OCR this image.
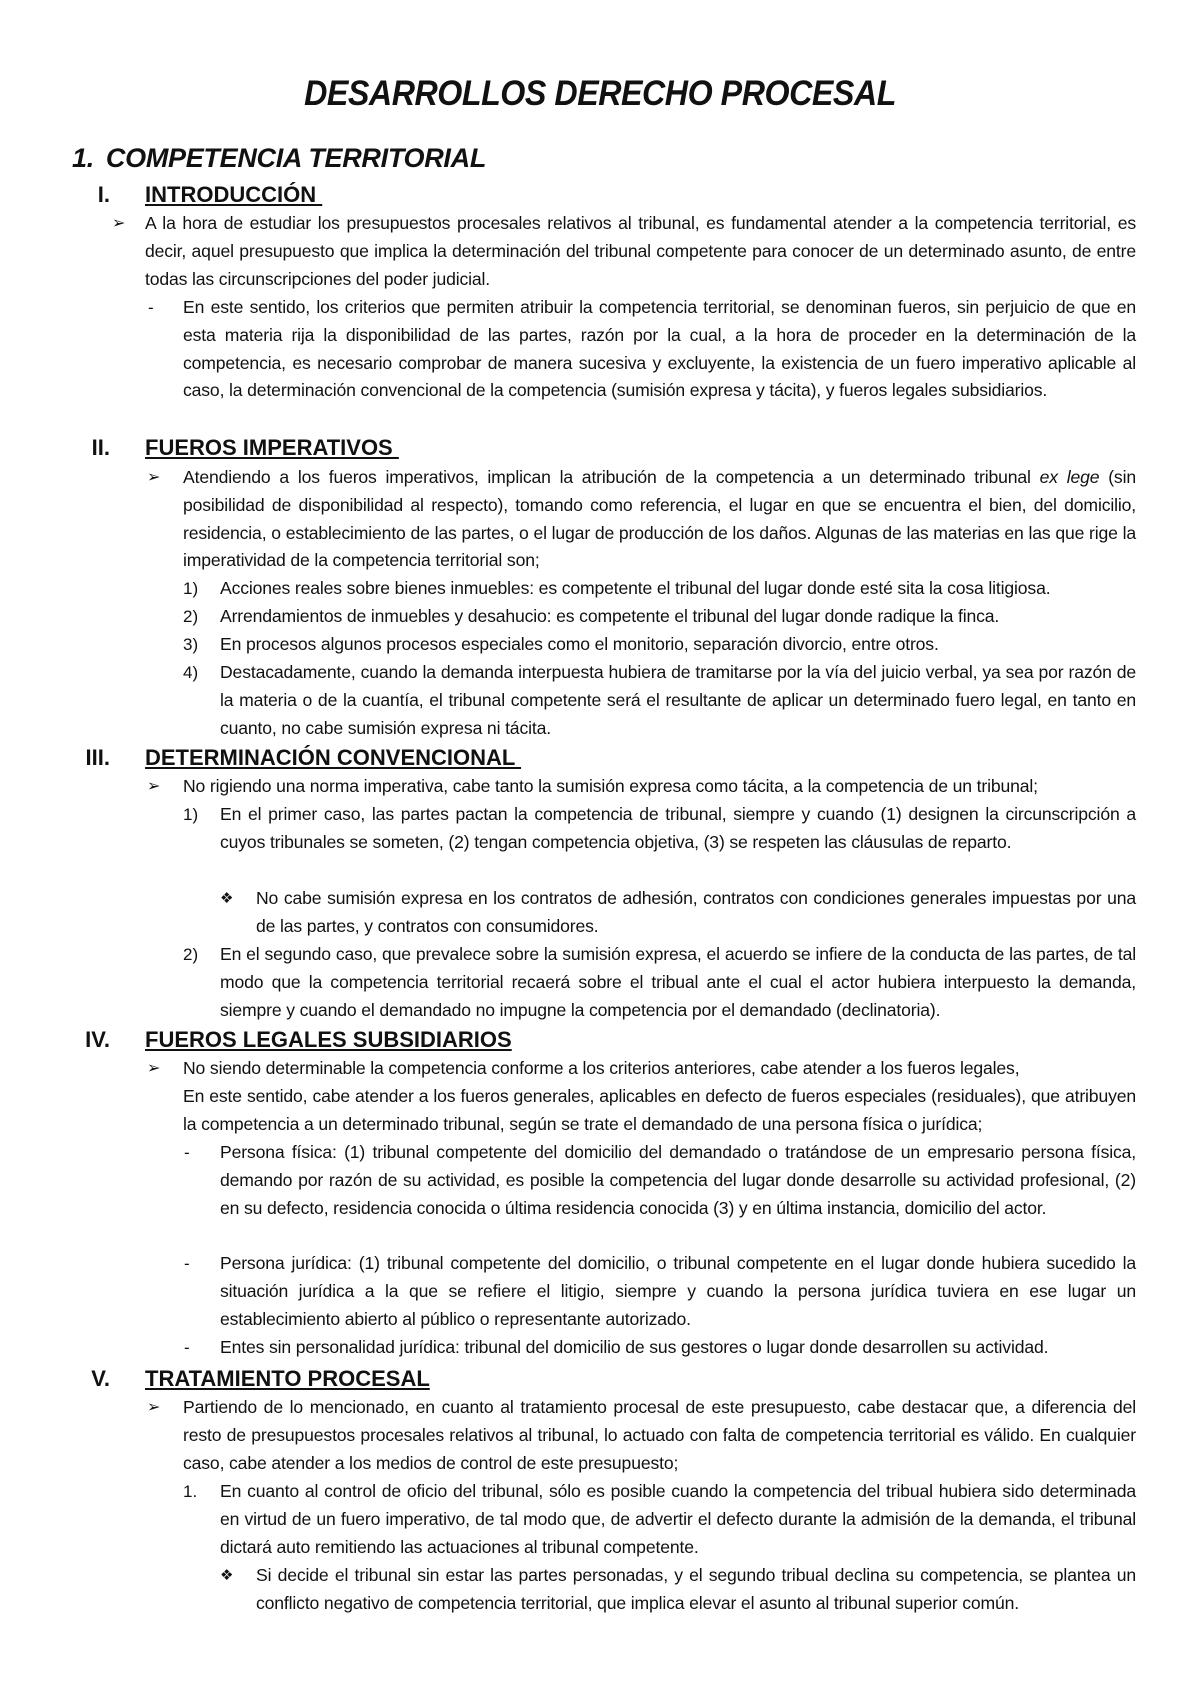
DESARROLLOS DERECHO PROCESAL
1. COMPETENCIA TERRITORIAL
I. INTRODUCCIÓN
➢ A la hora de estudiar los presupuestos procesales relativos al tribunal, es fundamental atender a la competencia territorial, es decir, aquel presupuesto que implica la determinación del tribunal competente para conocer de un determinado asunto, de entre todas las circunscripciones del poder judicial.
- En este sentido, los criterios que permiten atribuir la competencia territorial, se denominan fueros, sin perjuicio de que en esta materia rija la disponibilidad de las partes, razón por la cual, a la hora de proceder en la determinación de la competencia, es necesario comprobar de manera sucesiva y excluyente, la existencia de un fuero imperativo aplicable al caso, la determinación convencional de la competencia (sumisión expresa y tácita), y fueros legales subsidiarios.
II. FUEROS IMPERATIVOS
➢ Atendiendo a los fueros imperativos, implican la atribución de la competencia a un determinado tribunal ex lege (sin posibilidad de disponibilidad al respecto), tomando como referencia, el lugar en que se encuentra el bien, del domicilio, residencia, o establecimiento de las partes, o el lugar de producción de los daños. Algunas de las materias en las que rige la imperatividad de la competencia territorial son;
1) Acciones reales sobre bienes inmuebles: es competente el tribunal del lugar donde esté sita la cosa litigiosa.
2) Arrendamientos de inmuebles y desahucio: es competente el tribunal del lugar donde radique la finca.
3) En procesos algunos procesos especiales como el monitorio, separación divorcio, entre otros.
4) Destacadamente, cuando la demanda interpuesta hubiera de tramitarse por la vía del juicio verbal, ya sea por razón de la materia o de la cuantía, el tribunal competente será el resultante de aplicar un determinado fuero legal, en tanto en cuanto, no cabe sumisión expresa ni tácita.
III. DETERMINACIÓN CONVENCIONAL
➢ No rigiendo una norma imperativa, cabe tanto la sumisión expresa como tácita, a la competencia de un tribunal;
1) En el primer caso, las partes pactan la competencia de tribunal, siempre y cuando (1) designen la circunscripción a cuyos tribunales se someten, (2) tengan competencia objetiva, (3) se respeten las cláusulas de reparto.
❖ No cabe sumisión expresa en los contratos de adhesión, contratos con condiciones generales impuestas por una de las partes, y contratos con consumidores.
2) En el segundo caso, que prevalece sobre la sumisión expresa, el acuerdo se infiere de la conducta de las partes, de tal modo que la competencia territorial recaerá sobre el tribual ante el cual el actor hubiera interpuesto la demanda, siempre y cuando el demandado no impugne la competencia por el demandado (declinatoria).
IV. FUEROS LEGALES SUBSIDIARIOS
➢ No siendo determinable la competencia conforme a los criterios anteriores, cabe atender a los fueros legales,
En este sentido, cabe atender a los fueros generales, aplicables en defecto de fueros especiales (residuales), que atribuyen la competencia a un determinado tribunal, según se trate el demandado de una persona física o jurídica;
- Persona física: (1) tribunal competente del domicilio del demandado o tratándose de un empresario persona física, demando por razón de su actividad, es posible la competencia del lugar donde desarrolle su actividad profesional, (2) en su defecto, residencia conocida o última residencia conocida (3) y en última instancia, domicilio del actor.
- Persona jurídica: (1) tribunal competente del domicilio, o tribunal competente en el lugar donde hubiera sucedido la situación jurídica a la que se refiere el litigio, siempre y cuando la persona jurídica tuviera en ese lugar un establecimiento abierto al público o representante autorizado.
- Entes sin personalidad jurídica: tribunal del domicilio de sus gestores o lugar donde desarrollen su actividad.
V. TRATAMIENTO PROCESAL
➢ Partiendo de lo mencionado, en cuanto al tratamiento procesal de este presupuesto, cabe destacar que, a diferencia del resto de presupuestos procesales relativos al tribunal, lo actuado con falta de competencia territorial es válido. En cualquier caso, cabe atender a los medios de control de este presupuesto;
1. En cuanto al control de oficio del tribunal, sólo es posible cuando la competencia del tribual hubiera sido determinada en virtud de un fuero imperativo, de tal modo que, de advertir el defecto durante la admisión de la demanda, el tribunal dictará auto remitiendo las actuaciones al tribunal competente.
❖ Si decide el tribunal sin estar las partes personadas, y el segundo tribual declina su competencia, se plantea un conflicto negativo de competencia territorial, que implica elevar el asunto al tribunal superior común.
